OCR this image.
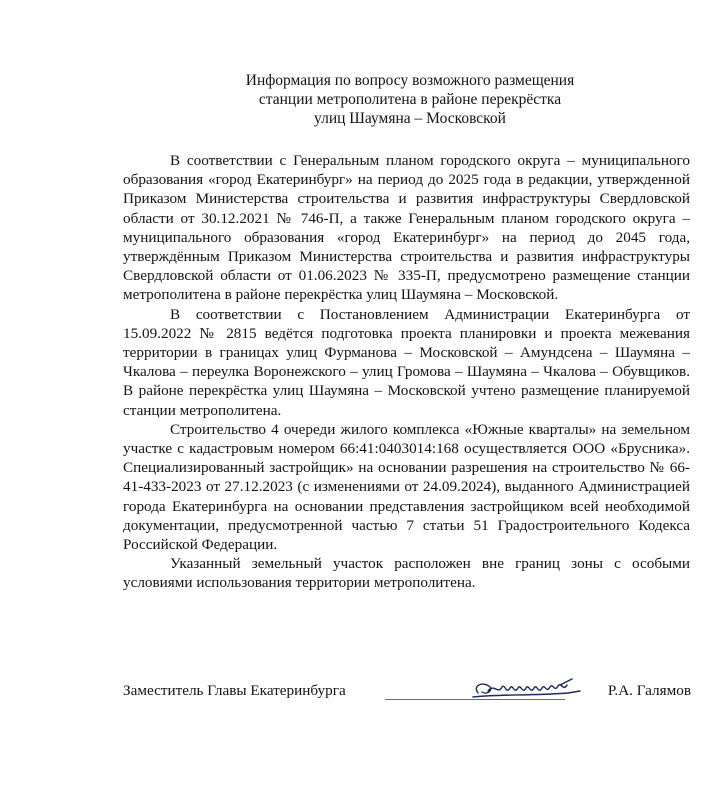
Информация по вопросу возможного размещения
станции метрополитена в районе перекрёстка
улиц Шаумяна – Московской

В соответствии с Генеральным планом городского округа – муниципального образования «город Екатеринбург» на период до 2025 года в редакции, утвержденной Приказом Министерства строительства и развития инфраструктуры Свердловской области от 30.12.2021 № 746-П, а также Генеральным планом городского округа – муниципального образования «город Екатеринбург» на период до 2045 года, утверждённым Приказом Министерства строительства и развития инфраструктуры Свердловской области от 01.06.2023 № 335-П, предусмотрено размещение станции метрополитена в районе перекрёстка улиц Шаумяна – Московской.

В соответствии с Постановлением Администрации Екатеринбурга от 15.09.2022 № 2815 ведётся подготовка проекта планировки и проекта межевания территории в границах улиц Фурманова – Московской – Амундсена – Шаумяна – Чкалова – переулка Воронежского – улиц Громова – Шаумяна – Чкалова – Обувщиков. В районе перекрёстка улиц Шаумяна – Московской учтено размещение планируемой станции метрополитена.

Строительство 4 очереди жилого комплекса «Южные кварталы» на земельном участке с кадастровым номером 66:41:0403014:168 осуществляется ООО «Брусника». Специализированный застройщик» на основании разрешения на строительство № 66-41-433-2023 от 27.12.2023 (с изменениями от 24.09.2024), выданного Администрацией города Екатеринбурга на основании представления застройщиком всей необходимой документации, предусмотренной частью 7 статьи 51 Градостроительного Кодекса Российской Федерации.

Указанный земельный участок расположен вне границ зоны с особыми условиями использования территории метрополитена.

Заместитель Главы Екатеринбурга	Р.А. Галямов
